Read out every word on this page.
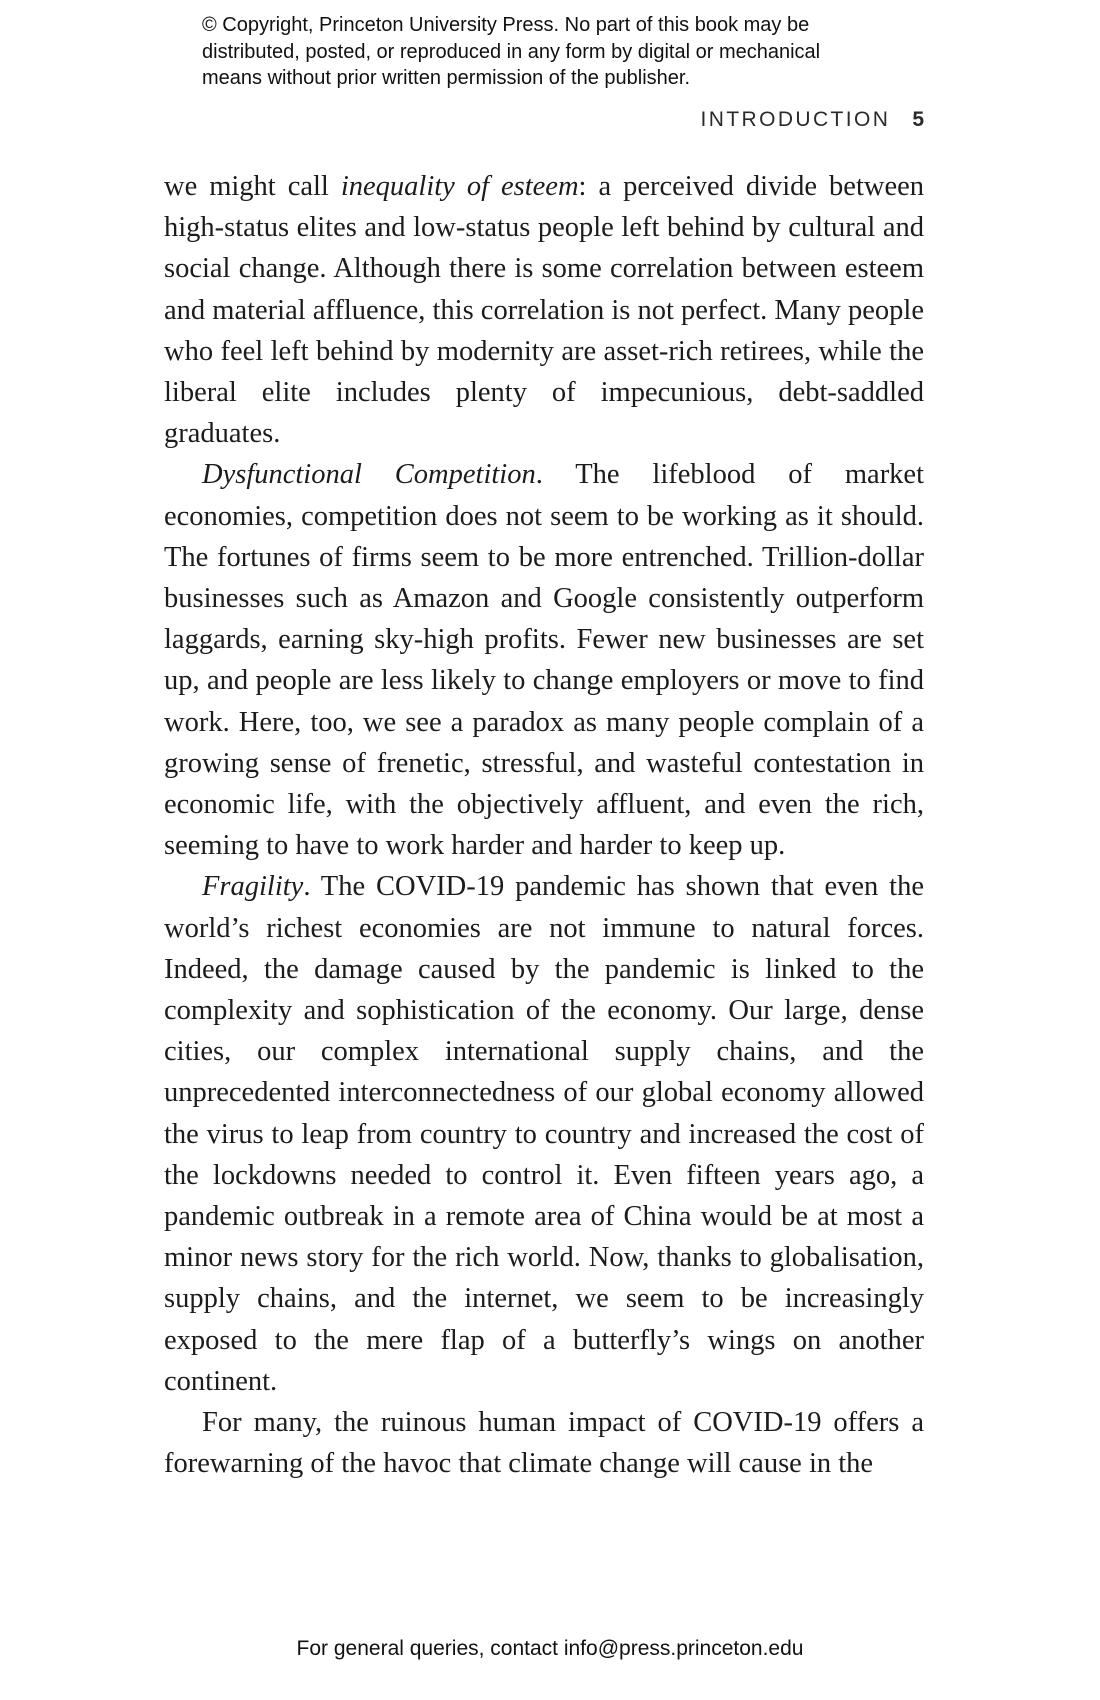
© Copyright, Princeton University Press. No part of this book may be
distributed, posted, or reproduced in any form by digital or mechanical
means without prior written permission of the publisher.
INTRODUCTION 5

we might call inequality of esteem: a perceived divide between high-status elites and low-status people left behind by cultural and social change. Although there is some correlation between esteem and material affluence, this correlation is not perfect. Many people who feel left behind by modernity are asset-rich retirees, while the liberal elite includes plenty of impecunious, debt-saddled graduates.

Dysfunctional Competition. The lifeblood of market economies, competition does not seem to be working as it should. The fortunes of firms seem to be more entrenched. Trillion-dollar businesses such as Amazon and Google consistently outperform laggards, earning sky-high profits. Fewer new businesses are set up, and people are less likely to change employers or move to find work. Here, too, we see a paradox as many people complain of a growing sense of frenetic, stressful, and wasteful contestation in economic life, with the objectively affluent, and even the rich, seeming to have to work harder and harder to keep up.

Fragility. The COVID-19 pandemic has shown that even the world’s richest economies are not immune to natural forces. Indeed, the damage caused by the pandemic is linked to the complexity and sophistication of the economy. Our large, dense cities, our complex international supply chains, and the unprecedented interconnectedness of our global economy allowed the virus to leap from country to country and increased the cost of the lockdowns needed to control it. Even fifteen years ago, a pandemic outbreak in a remote area of China would be at most a minor news story for the rich world. Now, thanks to globalisation, supply chains, and the internet, we seem to be increasingly exposed to the mere flap of a butterfly’s wings on another continent.

For many, the ruinous human impact of COVID-19 offers a forewarning of the havoc that climate change will cause in the

For general queries, contact info@press.princeton.edu
